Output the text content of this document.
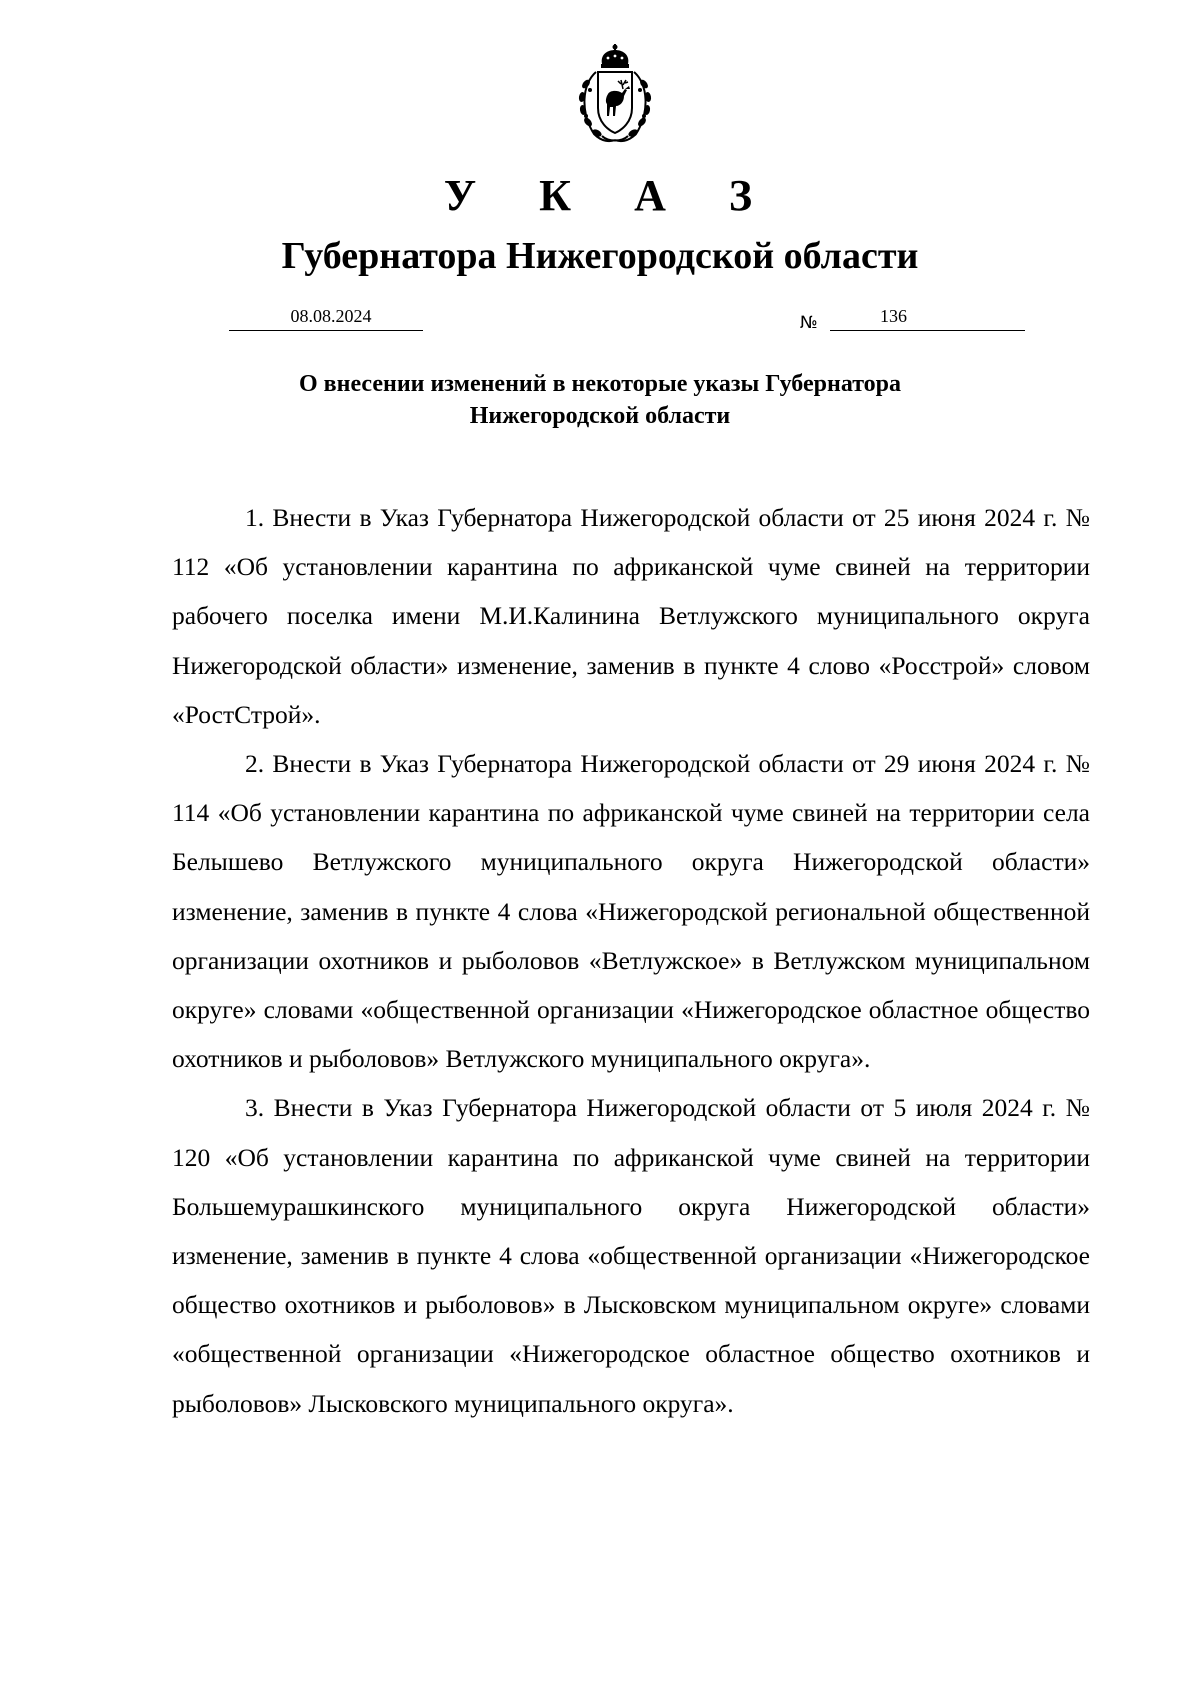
У К А З
Губернатора Нижегородской области
08.08.2024	№	136
О внесении изменений в некоторые указы Губернатора
Нижегородской области

1. Внести в Указ Губернатора Нижегородской области от 25 июня 2024 г. № 112 «Об установлении карантина по африканской чуме свиней на территории рабочего поселка имени М.И.Калинина Ветлужского муниципального округа Нижегородской области» изменение, заменив в пункте 4 слово «Росстрой» словом «РостСтрой».

2. Внести в Указ Губернатора Нижегородской области от 29 июня 2024 г. № 114 «Об установлении карантина по африканской чуме свиней на территории села Белышево Ветлужского муниципального округа Нижегородской области» изменение, заменив в пункте 4 слова «Нижегородской региональной общественной организации охотников и рыболовов «Ветлужское» в Ветлужском муниципальном округе» словами «общественной организации «Нижегородское областное общество охотников и рыболовов» Ветлужского муниципального округа».

3. Внести в Указ Губернатора Нижегородской области от 5 июля 2024 г. № 120 «Об установлении карантина по африканской чуме свиней на территории Большемурашкинского муниципального округа Нижегородской области» изменение, заменив в пункте 4 слова «общественной организации «Нижегородское общество охотников и рыболовов» в Лысковском муниципальном округе» словами «общественной организации «Нижегородское областное общество охотников и рыболовов» Лысковского муниципального округа».
